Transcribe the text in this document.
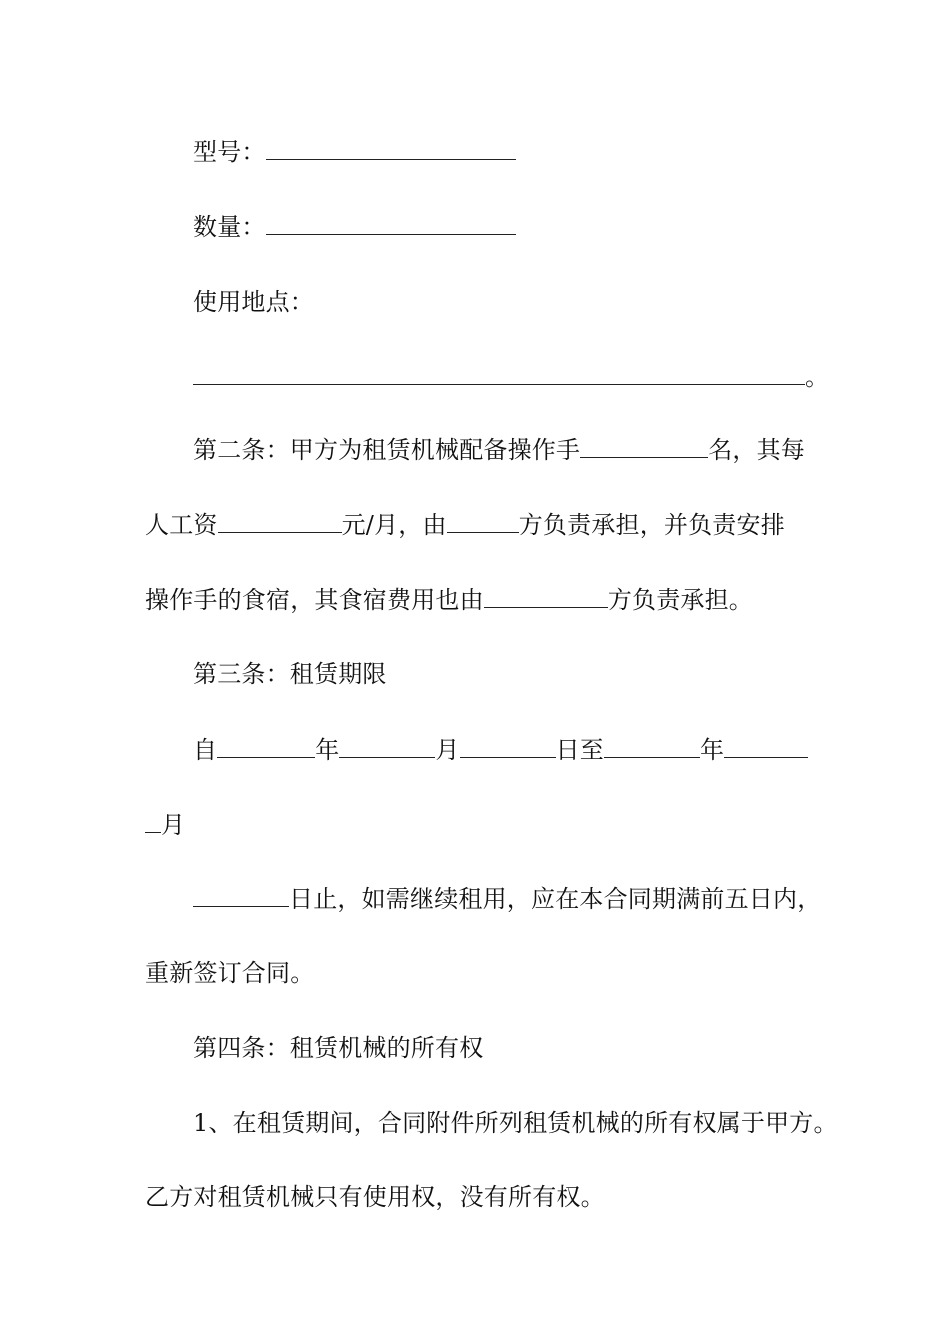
型号：
数量：
使用地点：
。
第二条：甲方为租赁机械配备操作手	名，其每
人工资	元/月，由	方负责承担，并负责安排
操作手的食宿，其食宿费用也由	方负责承担。
第三条：租赁期限
自	年	月	日至	年
月
日止，如需继续租用，应在本合同期满前五日内，
重新签订合同。
第四条：租赁机械的所有权
1、在租赁期间，合同附件所列租赁机械的所有权属于甲方。
乙方对租赁机械只有使用权，没有所有权。
